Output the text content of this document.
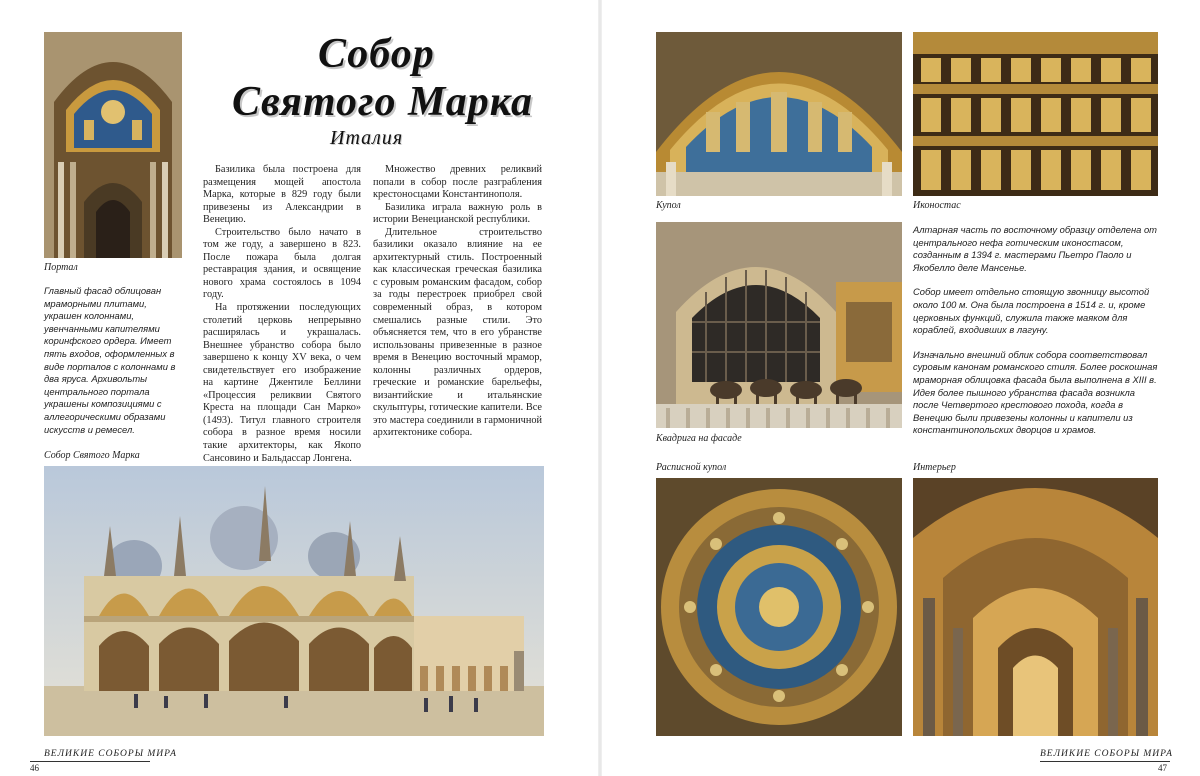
Портал
Главный фасад облицован мраморными плитами, украшен колоннами, увенчанными капителями коринфского ордера. Имеет пять входов, оформленных в виде порталов с колоннами в два яруса. Архивольты центрального портала украшены композициями с аллегорическими образами искусств и ремесел.
Собор
Святого Марка
Италия

Базилика была построена для размещения мощей апостола Марка, которые в 829 году были привезены из Александрии в Венецию.

Строительство было начато в том же году, а завершено в 823. После пожара была долгая реставрация здания, и освящение нового храма состоялось в 1094 году.

На протяжении последующих столетий церковь непрерывно расширялась и украшалась. Внешнее убранство собора было завершено к концу XV века, о чем свидетельствует его изображение на картине Джентиле Беллини «Процессия реликвии Святого Креста на площади Сан Марко» (1493). Титул главного строителя собора в разное время носили такие архитекторы, как Якопо Сансовино и Бальдассар Лонгена.

Множество древних реликвий попали в собор после разграбления крестоносцами Константинополя.

Базилика играла важную роль в истории Венецианской республики.

Длительное строительство базилики оказало влияние на ее архитектурный стиль. Построенный как классическая греческая базилика с суровым романским фасадом, собор за годы перестроек приобрел свой современный образ, в котором смешались разные стили. Это объясняется тем, что в его убранстве использованы привезенные в разное время в Венецию восточный мрамор, колонны различных ордеров, греческие и романские барельефы, византийские и итальянские скульптуры, готические капители. Все это мастера соединили в гармоничной архитектонике собора.

Собор Святого Марка
ВЕЛИКИЕ СОБОРЫ МИРА
46
Купол	Иконостас
Квадрига на фасаде

Алтарная часть по восточному образцу отделена от центрального нефа готическим иконостасом, созданным в 1394 г. мастерами Пьетро Паоло и Якобелло деле Мансенье.

Собор имеет отдельно стоящую звонницу высотой около 100 м. Она была построена в 1514 г. и, кроме церковных функций, служила также маяком для кораблей, входивших в лагуну.

Изначально внешний облик собора соответствовал суровым канонам романского стиля. Более роскошная мраморная облицовка фасада была выполнена в XIII в. Идея более пышного убранства фасада возникла после Четвертого крестового похода, когда в Венецию были привезены колонны и капители из константинопольских дворцов и храмов.

Расписной купол	Интерьер
ВЕЛИКИЕ СОБОРЫ МИРА
47
